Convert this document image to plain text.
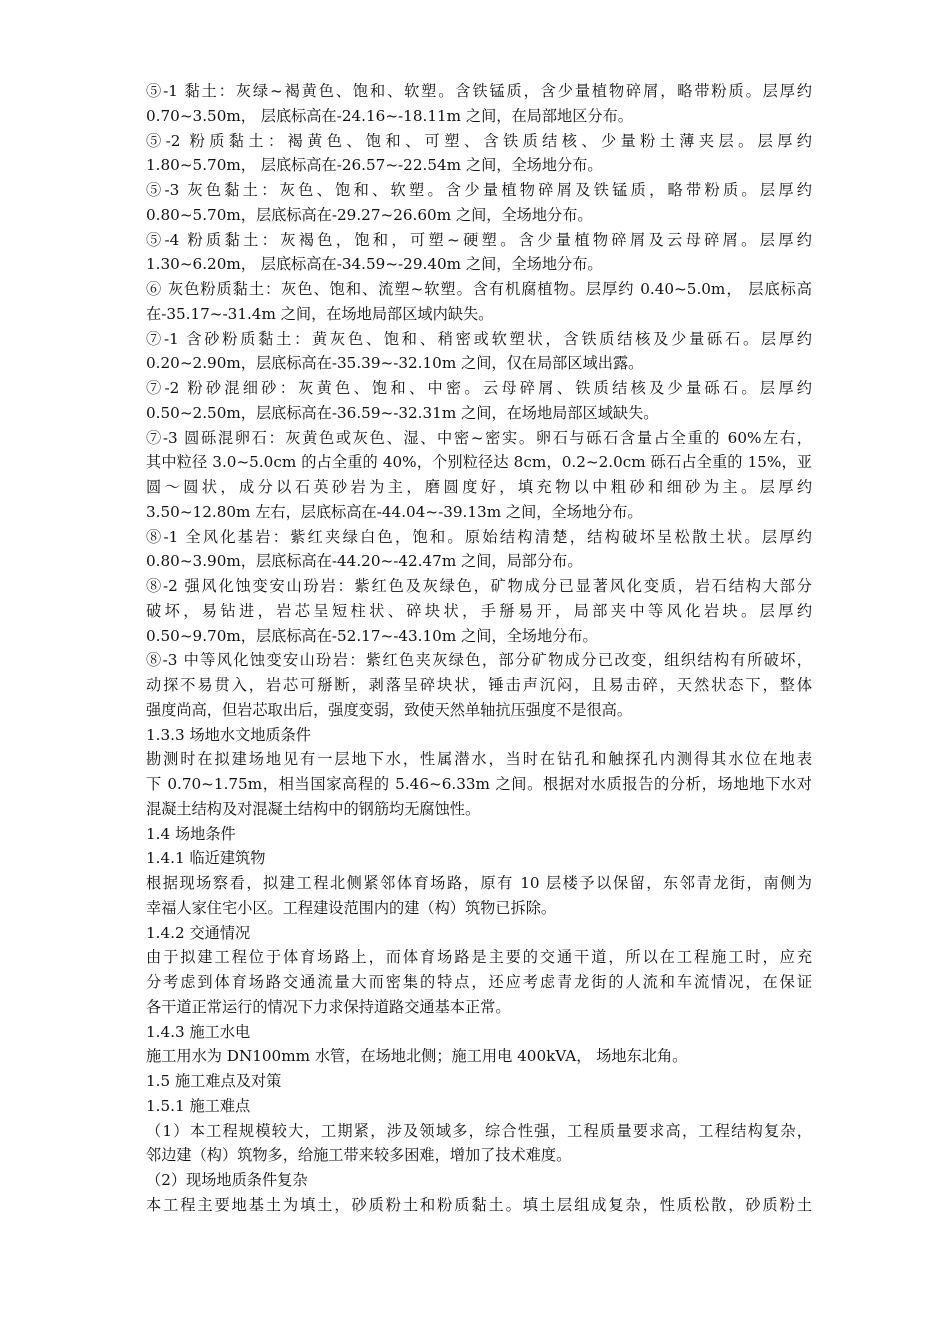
⑤-1 黏土：灰绿~褐黄色、饱和、软塑。含铁锰质，含少量植物碎屑，略带粉质。层厚约
0.70~3.50m， 层底标高在-24.16~-18.11m 之间，在局部地区分布。
⑤-2 粉质黏土：褐黄色、饱和、可塑、含铁质结核、少量粉土薄夹层。层厚约
1.80~5.70m， 层底标高在-26.57~-22.54m 之间，全场地分布。
⑤-3 灰色黏土：灰色、饱和、软塑。含少量植物碎屑及铁锰质，略带粉质。层厚约
0.80~5.70m，层底标高在-29.27~26.60m 之间，全场地分布。
⑤-4 粉质黏土：灰褐色，饱和，可塑~硬塑。含少量植物碎屑及云母碎屑。层厚约
1.30~6.20m， 层底标高在-34.59~-29.40m 之间，全场地分布。
⑥ 灰色粉质黏土：灰色、饱和、流塑~软塑。含有机腐植物。层厚约 0.40~5.0m， 层底标高
在-35.17~-31.4m 之间，在场地局部区域内缺失。
⑦-1 含砂粉质黏土：黄灰色、饱和、稍密或软塑状，含铁质结核及少量砾石。层厚约
0.20~2.90m，层底标高在-35.39~-32.10m 之间，仅在局部区域出露。
⑦-2 粉砂混细砂：灰黄色、饱和、中密。云母碎屑、铁质结核及少量砾石。层厚约
0.50~2.50m，层底标高在-36.59~-32.31m 之间，在场地局部区域缺失。
⑦-3 圆砾混卵石：灰黄色或灰色、湿、中密~密实。卵石与砾石含量占全重的 60%左右，
其中粒径 3.0~5.0cm 的占全重的 40%，个别粒径达 8cm，0.2~2.0cm 砾石占全重的 15%，亚
圆～圆状，成分以石英砂岩为主，磨圆度好，填充物以中粗砂和细砂为主。层厚约
3.50~12.80m 左右，层底标高在-44.04~-39.13m 之间，全场地分布。
⑧-1 全风化基岩：紫红夹绿白色，饱和。原始结构清楚，结构破坏呈松散土状。层厚约
0.80~3.90m，层底标高在-44.20~-42.47m 之间，局部分布。
⑧-2 强风化蚀变安山玢岩：紫红色及灰绿色，矿物成分已显著风化变质，岩石结构大部分
破坏，易钻进，岩芯呈短柱状、碎块状，手掰易开，局部夹中等风化岩块。层厚约
0.50~9.70m，层底标高在-52.17~-43.10m 之间，全场地分布。
⑧-3 中等风化蚀变安山玢岩：紫红色夹灰绿色，部分矿物成分已改变，组织结构有所破坏，
动探不易贯入，岩芯可掰断，剥落呈碎块状，锤击声沉闷，且易击碎，天然状态下，整体
强度尚高，但岩芯取出后，强度变弱，致使天然单轴抗压强度不是很高。
1.3.3 场地水文地质条件
勘测时在拟建场地见有一层地下水，性属潜水，当时在钻孔和触探孔内测得其水位在地表
下 0.70~1.75m，相当国家高程的 5.46~6.33m 之间。根据对水质报告的分析，场地地下水对
混凝土结构及对混凝土结构中的钢筋均无腐蚀性。
1.4 场地条件
1.4.1 临近建筑物
根据现场察看，拟建工程北侧紧邻体育场路，原有 10 层楼予以保留，东邻青龙街，南侧为
幸福人家住宅小区。工程建设范围内的建（构）筑物已拆除。
1.4.2 交通情况
由于拟建工程位于体育场路上，而体育场路是主要的交通干道，所以在工程施工时，应充
分考虑到体育场路交通流量大而密集的特点，还应考虑青龙街的人流和车流情况，在保证
各干道正常运行的情况下力求保持道路交通基本正常。
1.4.3 施工水电
施工用水为 DN100mm 水管，在场地北侧；施工用电 400kVA， 场地东北角。
1.5 施工难点及对策
1.5.1 施工难点
（1）本工程规模较大，工期紧，涉及领域多，综合性强，工程质量要求高，工程结构复杂，
邻边建（构）筑物多，给施工带来较多困难，增加了技术难度。
（2）现场地质条件复杂
本工程主要地基土为填土，砂质粉土和粉质黏土。填土层组成复杂，性质松散，砂质粉土
